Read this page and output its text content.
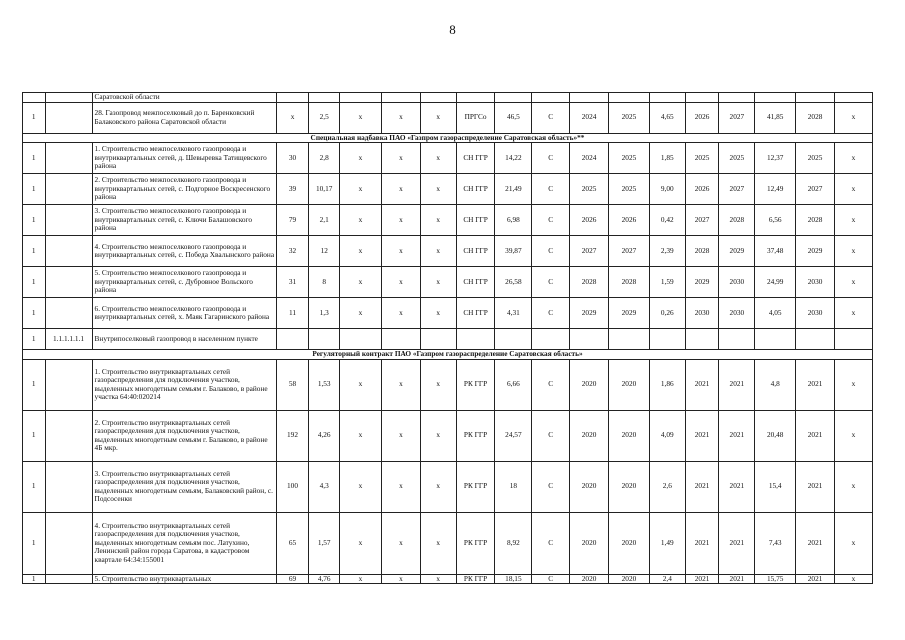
8
		Саратовской области																
1		28. Газопровод межпоселковый до п. Баренковский Балаковского района Саратовской области	х	2,5	х	х	х	ПРГСо	46,5	С	2024	2025	4,65	2026	2027	41,85	2028	х
Специальная надбавка ПАО «Газпром газораспределение Саратовская область»**																		
1		1. Строительство межпоселкового газопровода и внутриквартальных сетей, д. Шевыревка Татищевского района	30	2,8	х	х	х	СН ГГР	14,22	С	2024	2025	1,85	2025	2025	12,37	2025	х
1		2. Строительство межпоселкового газопровода и внутриквартальных сетей, с. Подгорное Воскресенского района	39	10,17	х	х	х	СН ГГР	21,49	С	2025	2025	9,00	2026	2027	12,49	2027	х
1		3. Строительство межпоселкового газопровода и внутриквартальных сетей, с. Ключи Балашовского района	79	2,1	х	х	х	СН ГГР	6,98	С	2026	2026	0,42	2027	2028	6,56	2028	х
1		4. Строительство межпоселкового газопровода и внутриквартальных сетей, с. Победа Хвалынского района	32	12	х	х	х	СН ГГР	39,87	С	2027	2027	2,39	2028	2029	37,48	2029	х
1		5. Строительство межпоселкового газопровода и внутриквартальных сетей, с. Дубровное Вольского района	31	8	х	х	х	СН ГГР	26,58	С	2028	2028	1,59	2029	2030	24,99	2030	х
1		6. Строительство межпоселкового газопровода и внутриквартальных сетей, х. Маяк Гагаринского района	11	1,3	х	х	х	СН ГГР	4,31	С	2029	2029	0,26	2030	2030	4,05	2030	х
1	1.1.1.1.1.1	Внутрипоселковый газопровод в населенном пункте																
Регуляторный контракт ПАО «Газпром газораспределение Саратовская область»																		
1		1. Строительство внутриквартальных сетей газораспределения для подключения участков, выделенных многодетным семьям г. Балаково, в районе участка 64:40:020214	58	1,53	х	х	х	РК ГГР	6,66	С	2020	2020	1,86	2021	2021	4,8	2021	х
1		2. Строительство внутриквартальных сетей газораспределения для подключения участков, выделенных многодетным семьям г. Балаково, в районе 4Б мкр.	192	4,26	х	х	х	РК ГГР	24,57	С	2020	2020	4,09	2021	2021	20,48	2021	х
1		3. Строительство внутриквартальных сетей газораспределения для подключения участков, выделенных многодетным семьям, Балаковский район, с. Подсосенки	100	4,3	х	х	х	РК ГГР	18	С	2020	2020	2,6	2021	2021	15,4	2021	х
1		4. Строительство внутриквартальных сетей газораспределения для подключения участков, выделенных многодетным семьям пос. Латухино, Ленинский район города Саратова, в кадастровом квартале 64:34:155001	65	1,57	х	х	х	РК ГГР	8,92	С	2020	2020	1,49	2021	2021	7,43	2021	х
1		5. Строительство внутриквартальных	69	4,76	х	х	х	РК ГГР	18,15	С	2020	2020	2,4	2021	2021	15,75	2021	х
